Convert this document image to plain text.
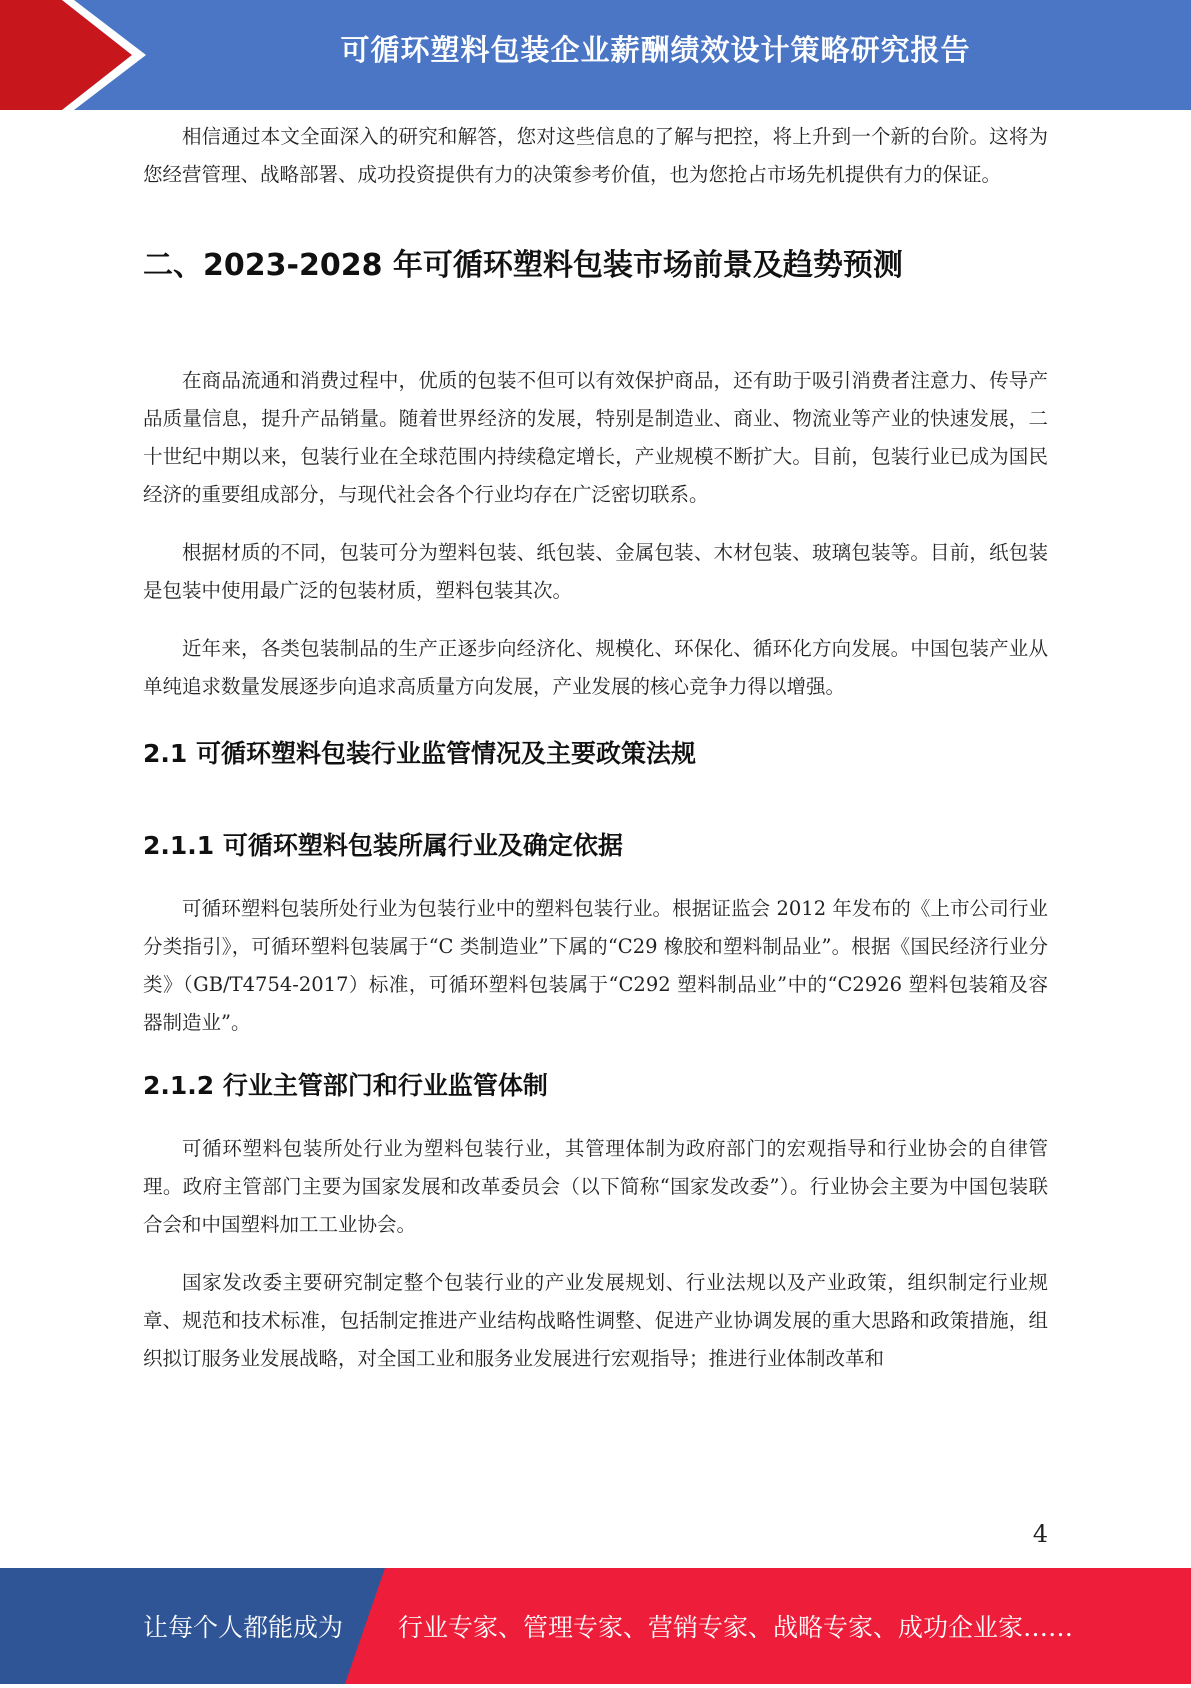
可循环塑料包装企业薪酬绩效设计策略研究报告

相信通过本文全面深入的研究和解答，您对这些信息的了解与把控，将上升到一个新的台阶。这将为您经营管理、战略部署、成功投资提供有力的决策参考价值，也为您抢占市场先机提供有力的保证。

二、2023-2028 年可循环塑料包装市场前景及趋势预测

在商品流通和消费过程中，优质的包装不但可以有效保护商品，还有助于吸引消费者注意力、传导产品质量信息，提升产品销量。随着世界经济的发展，特别是制造业、商业、物流业等产业的快速发展，二十世纪中期以来，包装行业在全球范围内持续稳定增长，产业规模不断扩大。目前，包装行业已成为国民经济的重要组成部分，与现代社会各个行业均存在广泛密切联系。

根据材质的不同，包装可分为塑料包装、纸包装、金属包装、木材包装、玻璃包装等。目前，纸包装是包装中使用最广泛的包装材质，塑料包装其次。

近年来，各类包装制品的生产正逐步向经济化、规模化、环保化、循环化方向发展。中国包装产业从单纯追求数量发展逐步向追求高质量方向发展，产业发展的核心竞争力得以增强。

2.1 可循环塑料包装行业监管情况及主要政策法规
2.1.1 可循环塑料包装所属行业及确定依据

可循环塑料包装所处行业为包装行业中的塑料包装行业。根据证监会 2012 年发布的《上市公司行业分类指引》，可循环塑料包装属于“C 类制造业”下属的“C29 橡胶和塑料制品业”。根据《国民经济行业分类》（GB/T4754-2017）标准，可循环塑料包装属于“C292 塑料制品业”中的“C2926 塑料包装箱及容器制造业”。

2.1.2 行业主管部门和行业监管体制

可循环塑料包装所处行业为塑料包装行业，其管理体制为政府部门的宏观指导和行业协会的自律管理。政府主管部门主要为国家发展和改革委员会（以下简称“国家发改委”）。行业协会主要为中国包装联合会和中国塑料加工工业协会。

国家发改委主要研究制定整个包装行业的产业发展规划、行业法规以及产业政策，组织制定行业规章、规范和技术标准，包括制定推进产业结构战略性调整、促进产业协调发展的重大思路和政策措施，组织拟订服务业发展战略，对全国工业和服务业发展进行宏观指导；推进行业体制改革和

4
让每个人都能成为 行业专家、管理专家、营销专家、战略专家、成功企业家……
